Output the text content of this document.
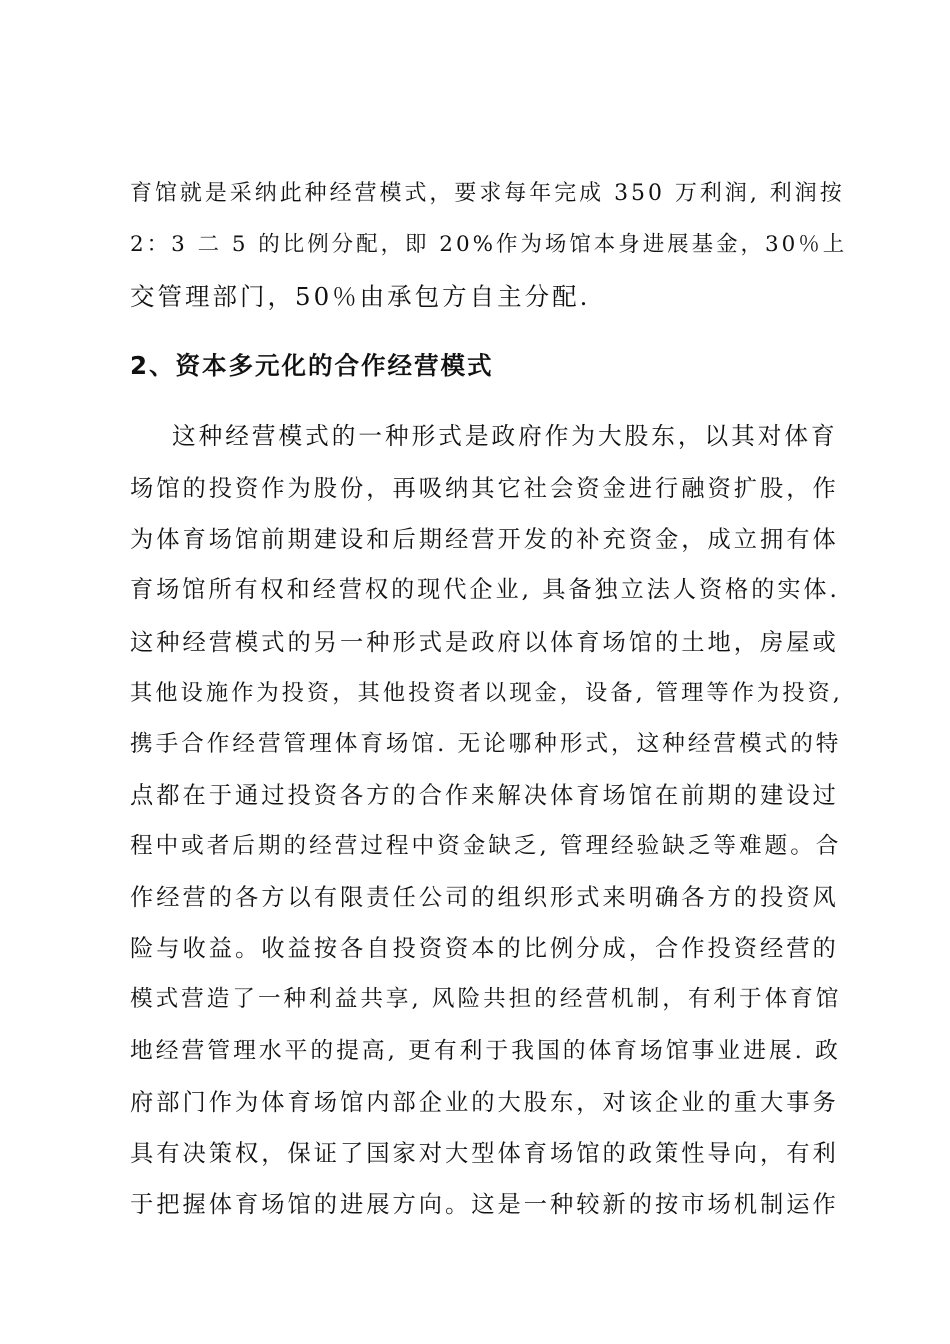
育馆就是采纳此种经营模式，要求每年完成 350 万利润, 利润按
2：3 二 5 的比例分配，即 20%作为场馆本身进展基金，30％上
交管理部门，50％由承包方自主分配.
2、资本多元化的合作经营模式
这种经营模式的一种形式是政府作为大股东，以其对体育
场馆的投资作为股份，再吸纳其它社会资金进行融资扩股，作
为体育场馆前期建设和后期经营开发的补充资金，成立拥有体
育场馆所有权和经营权的现代企业, 具备独立法人资格的实体.
这种经营模式的另一种形式是政府以体育场馆的土地，房屋或
其他设施作为投资，其他投资者以现金，设备, 管理等作为投资,
携手合作经营管理体育场馆. 无论哪种形式，这种经营模式的特
点都在于通过投资各方的合作来解决体育场馆在前期的建设过
程中或者后期的经营过程中资金缺乏, 管理经验缺乏等难题。合
作经营的各方以有限责任公司的组织形式来明确各方的投资风
险与收益。收益按各自投资资本的比例分成，合作投资经营的
模式营造了一种利益共享, 风险共担的经营机制，有利于体育馆
地经营管理水平的提高, 更有利于我国的体育场馆事业进展. 政
府部门作为体育场馆内部企业的大股东，对该企业的重大事务
具有决策权，保证了国家对大型体育场馆的政策性导向，有利
于把握体育场馆的进展方向。这是一种较新的按市场机制运作
